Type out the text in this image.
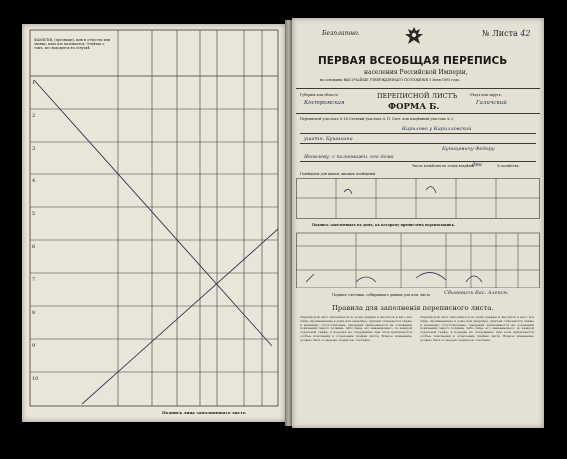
ФАМИЛІЯ, (прозвище), имя и отчество или звание, какъ кто называется. Отмѣтка о томъ, кто находится въ отлучкѣ
1
2
3
4
5
6
7
8
9
10
Подпись лица заполнявшаго листъ
Безплатно.	№ Листа 42
ПЕРВАЯ ВСЕОБЩАЯ ПЕРЕПИСЬ
населения Российской Имперіи,
на основаніи ВЫСОЧАЙШЕ УТВЕРЖДЕННАГО ПОЛОЖЕНІЯ 5 Іюня 1895 года.
Губернія или область:
Костромская
ПЕРЕПИСНОЙ ЛИСТЪ
ФОРМА Б.
Уѣздъ или округъ:
Галичский
Переписной участокъ № 14 Счетный участокъ № 11 Счет. или владѣнный участокъ № 2
Кирилово у Кирилловской
ушатн. Бушихина
Буницевичу Федору
Яковлеву, с полноважн. его дома
Число хозяйствъ въ этомъ владѣніи
два	№ хозяйства
Помѣщеніе для жилья, жилыхъ помѣщеній
Подпись заявленныхъ въ домъ, къ которому причисленъ переписьщикъ.
Подпись счетчика, собиравшаго данные для пом. листа	Сбыкевичъ Вас. Алексѣ
Правила для заполненія переписного листа.
Переписной лист заполняется по всем графам и вносится в него все лица, проживающие в доме или квартире, причем отмечаются также и временно отсутствующие. Сведения записываются на основании показаний самого хозяина, либо лица, его заменяющего, по каждой отдельной графе, в порядке их следования; при этом прилагаются особые пояснения к отдельным графам листа. Всякое изменение должно быть оговорено подписью счетчика.
Переписной лист заполняется по всем графам и вносится в него все лица, проживающие в доме или квартире, причем отмечаются также и временно отсутствующие. Сведения записываются на основании показаний самого хозяина, либо лица, его заменяющего, по каждой отдельной графе, в порядке их следования; при этом прилагаются особые пояснения к отдельным графам листа. Всякое изменение должно быть оговорено подписью счетчика.
